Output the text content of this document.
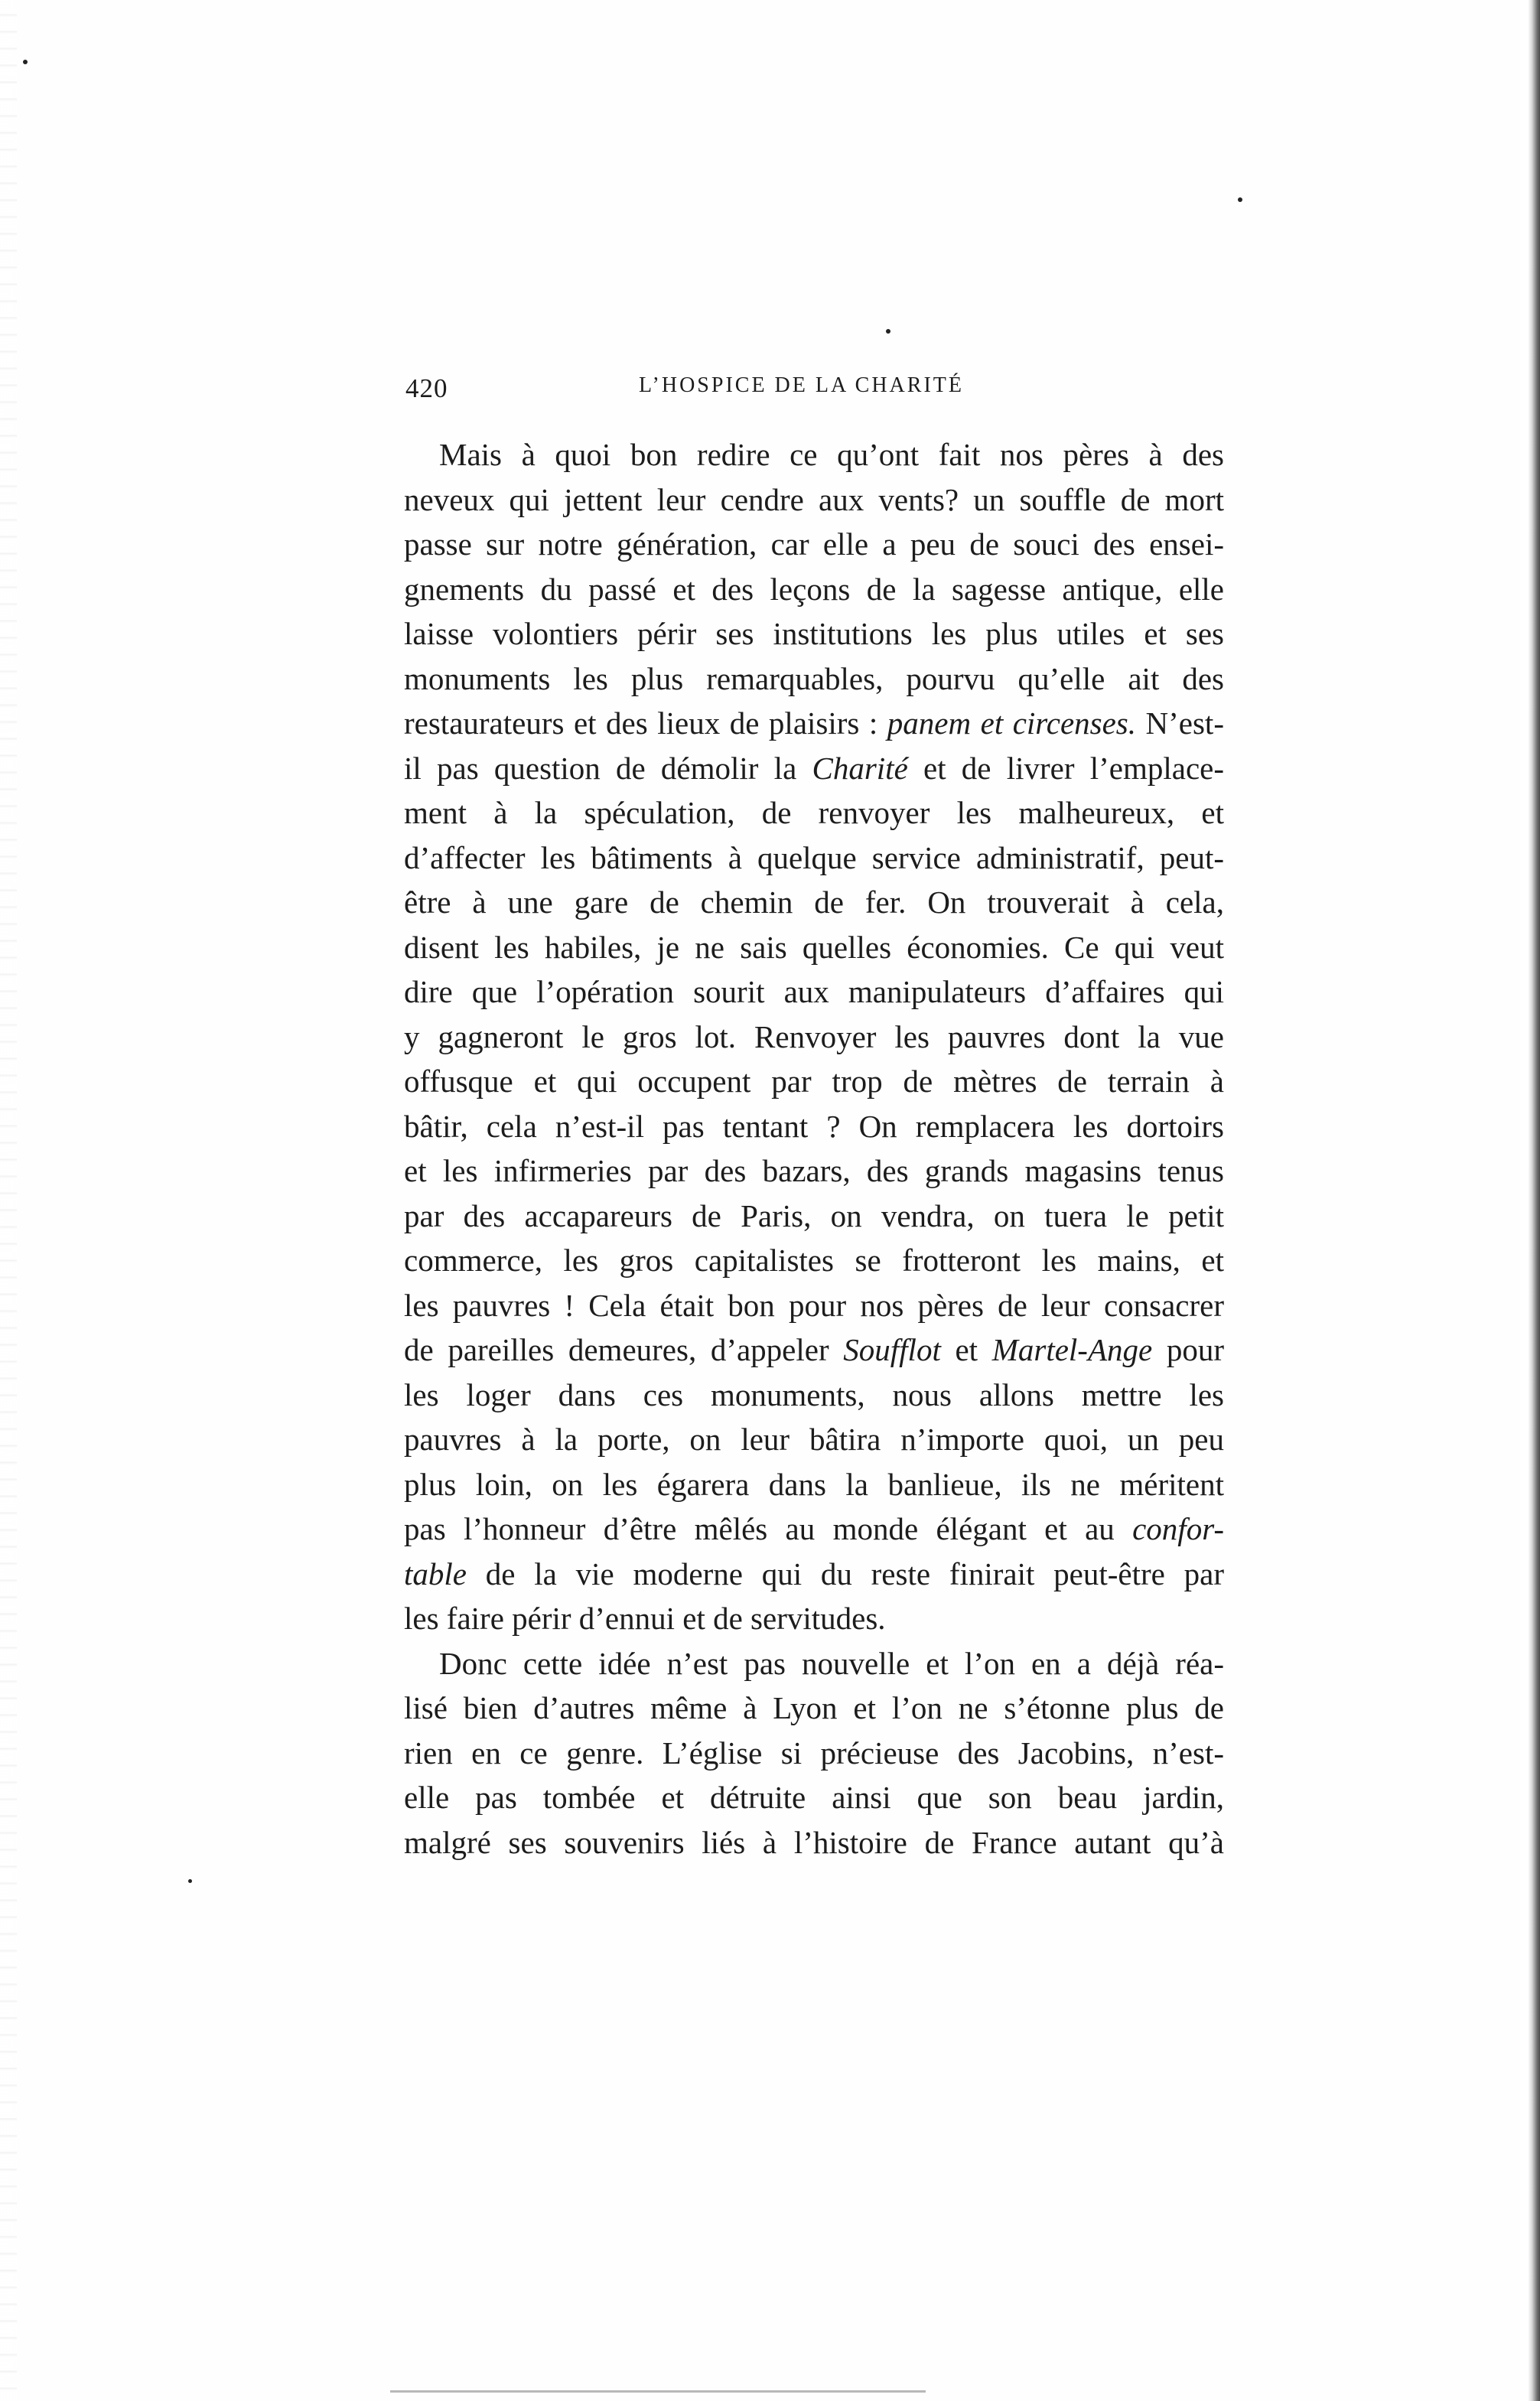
420	L’HOSPICE DE LA CHARITÉ
Mais à quoi bon redire ce qu’ont fait nos pères à des
neveux qui jettent leur cendre aux vents? un souffle de mort
passe sur notre génération, car elle a peu de souci des ensei-
gnements du passé et des leçons de la sagesse antique, elle
laisse volontiers périr ses institutions les plus utiles et ses
monuments les plus remarquables, pourvu qu’elle ait des
restaurateurs et des lieux de plaisirs : panem et circenses. N’est-
il pas question de démolir la Charité et de livrer l’emplace-
ment à la spéculation, de renvoyer les malheureux, et
d’affecter les bâtiments à quelque service administratif, peut-
être à une gare de chemin de fer. On trouverait à cela,
disent les habiles, je ne sais quelles économies. Ce qui veut
dire que l’opération sourit aux manipulateurs d’affaires qui
y gagneront le gros lot. Renvoyer les pauvres dont la vue
offusque et qui occupent par trop de mètres de terrain à
bâtir, cela n’est-il pas tentant ? On remplacera les dortoirs
et les infirmeries par des bazars, des grands magasins tenus
par des accapareurs de Paris, on vendra, on tuera le petit
commerce, les gros capitalistes se frotteront les mains, et
les pauvres ! Cela était bon pour nos pères de leur consacrer
de pareilles demeures, d’appeler Soufflot et Martel-Ange pour
les loger dans ces monuments, nous allons mettre les
pauvres à la porte, on leur bâtira n’importe quoi, un peu
plus loin, on les égarera dans la banlieue, ils ne méritent
pas l’honneur d’être mêlés au monde élégant et au confor-
table de la vie moderne qui du reste finirait peut-être par
les faire périr d’ennui et de servitudes.
Donc cette idée n’est pas nouvelle et l’on en a déjà réa-
lisé bien d’autres même à Lyon et l’on ne s’étonne plus de
rien en ce genre. L’église si précieuse des Jacobins, n’est-
elle pas tombée et détruite ainsi que son beau jardin,
malgré ses souvenirs liés à l’histoire de France autant qu’à
